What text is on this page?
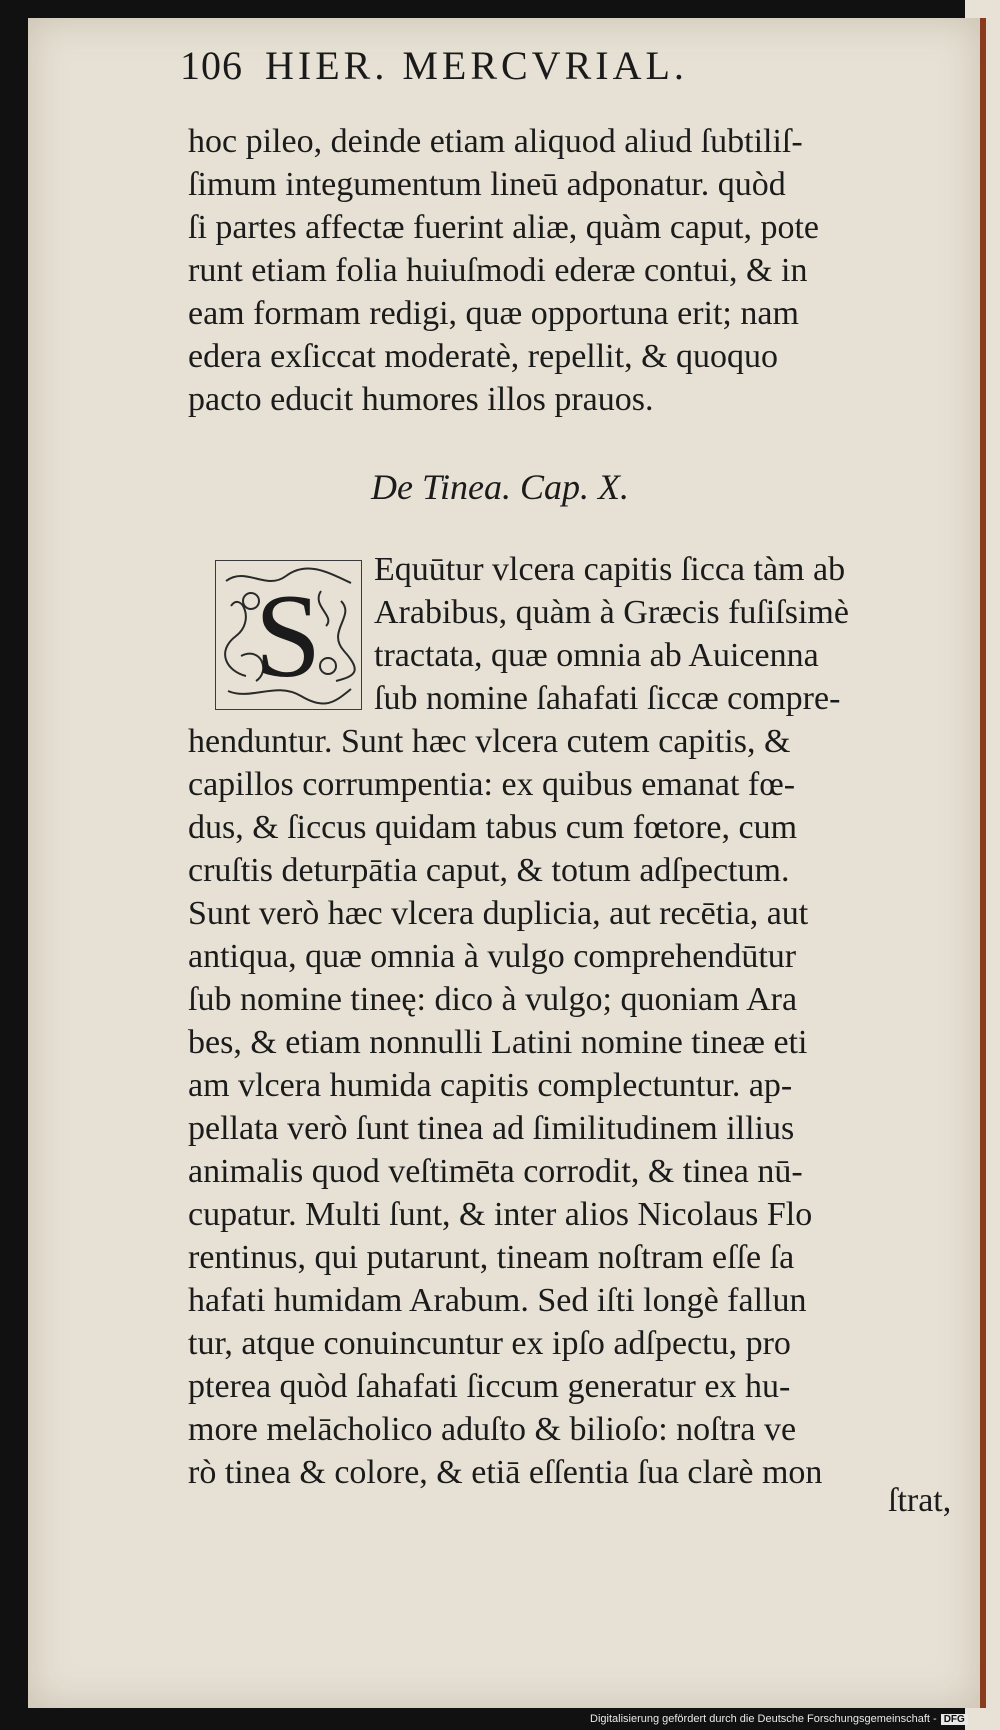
106 HIER. MERCVRIAL.
hoc pileo, deinde etiam aliquod aliud ſubtiliſ-
ſimum integumentum lineū adponatur. quòd
ſi partes affectæ fuerint aliæ, quàm caput, pote
runt etiam folia huiuſmodi ederæ contui, & in
eam formam redigi, quæ opportuna erit; nam
edera exſiccat moderatè, repellit, & quoquo
pacto educit humores illos prauos.
De Tinea. Cap. X.
S	Equūtur vlcera capitis ſicca tàm ab
Arabibus, quàm à Græcis fuſiſsimè
tractata, quæ omnia ab Auicenna
ſub nomine ſahafati ſiccæ compre-
henduntur. Sunt hæc vlcera cutem capitis, &
capillos corrumpentia: ex quibus emanat fœ-
dus, & ſiccus quidam tabus cum fœtore, cum
cruſtis deturpātia caput, & totum adſpectum.
Sunt verò hæc vlcera duplicia, aut recētia, aut
antiqua, quæ omnia à vulgo comprehendūtur
ſub nomine tineę: dico à vulgo; quoniam Ara
bes, & etiam nonnulli Latini nomine tineæ eti
am vlcera humida capitis complectuntur. ap-
pellata verò ſunt tinea ad ſimilitudinem illius
animalis quod veſtimēta corrodit, & tinea nū-
cupatur. Multi ſunt, & inter alios Nicolaus Flo
rentinus, qui putarunt, tineam noſtram eſſe ſa
hafati humidam Arabum. Sed iſti longè fallun
tur, atque conuincuntur ex ipſo adſpectu, pro
pterea quòd ſahafati ſiccum generatur ex hu-
more melācholico aduſto & bilioſo: noſtra ve
rò tinea & colore, & etiā eſſentia ſua clarè mon
ſtrat,
Digitalisierung gefördert durch die Deutsche Forschungsgemeinschaft - DFG
